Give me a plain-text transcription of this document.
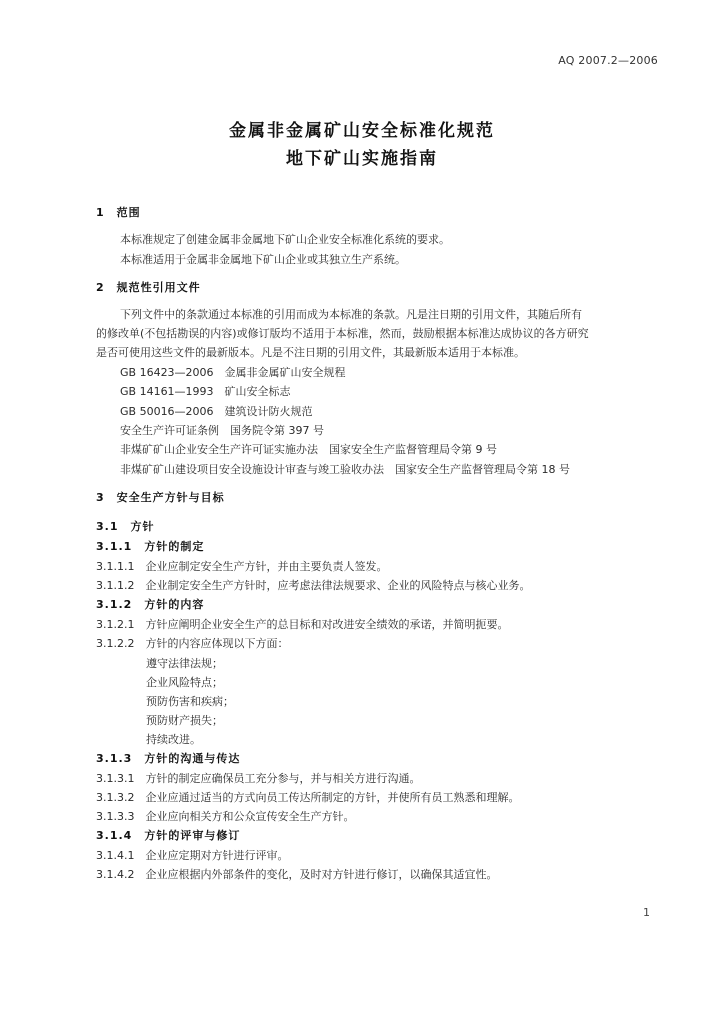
AQ 2007.2—2006
金属非金属矿山安全标准化规范
地下矿山实施指南
1　范围
本标准规定了创建金属非金属地下矿山企业安全标准化系统的要求。
本标准适用于金属非金属地下矿山企业或其独立生产系统。
2　规范性引用文件
下列文件中的条款通过本标准的引用而成为本标准的条款。凡是注日期的引用文件，其随后所有
的修改单(不包括勘误的内容)或修订版均不适用于本标准，然而，鼓励根据本标准达成协议的各方研究
是否可使用这些文件的最新版本。凡是不注日期的引用文件，其最新版本适用于本标准。
GB 16423—2006　金属非金属矿山安全规程
GB 14161—1993　矿山安全标志
GB 50016—2006　建筑设计防火规范
安全生产许可证条例　国务院令第 397 号
非煤矿矿山企业安全生产许可证实施办法　国家安全生产监督管理局令第 9 号
非煤矿矿山建设项目安全设施设计审查与竣工验收办法　国家安全生产监督管理局令第 18 号
3　安全生产方针与目标
3.1　方针
3.1.1　方针的制定
3.1.1.1　企业应制定安全生产方针，并由主要负责人签发。
3.1.1.2　企业制定安全生产方针时，应考虑法律法规要求、企业的风险特点与核心业务。
3.1.2　方针的内容
3.1.2.1　方针应阐明企业安全生产的总目标和对改进安全绩效的承诺，并简明扼要。
3.1.2.2　方针的内容应体现以下方面：
遵守法律法规；
企业风险特点；
预防伤害和疾病；
预防财产损失；
持续改进。
3.1.3　方针的沟通与传达
3.1.3.1　方针的制定应确保员工充分参与，并与相关方进行沟通。
3.1.3.2　企业应通过适当的方式向员工传达所制定的方针，并使所有员工熟悉和理解。
3.1.3.3　企业应向相关方和公众宣传安全生产方针。
3.1.4　方针的评审与修订
3.1.4.1　企业应定期对方针进行评审。
3.1.4.2　企业应根据内外部条件的变化，及时对方针进行修订，以确保其适宜性。
1
